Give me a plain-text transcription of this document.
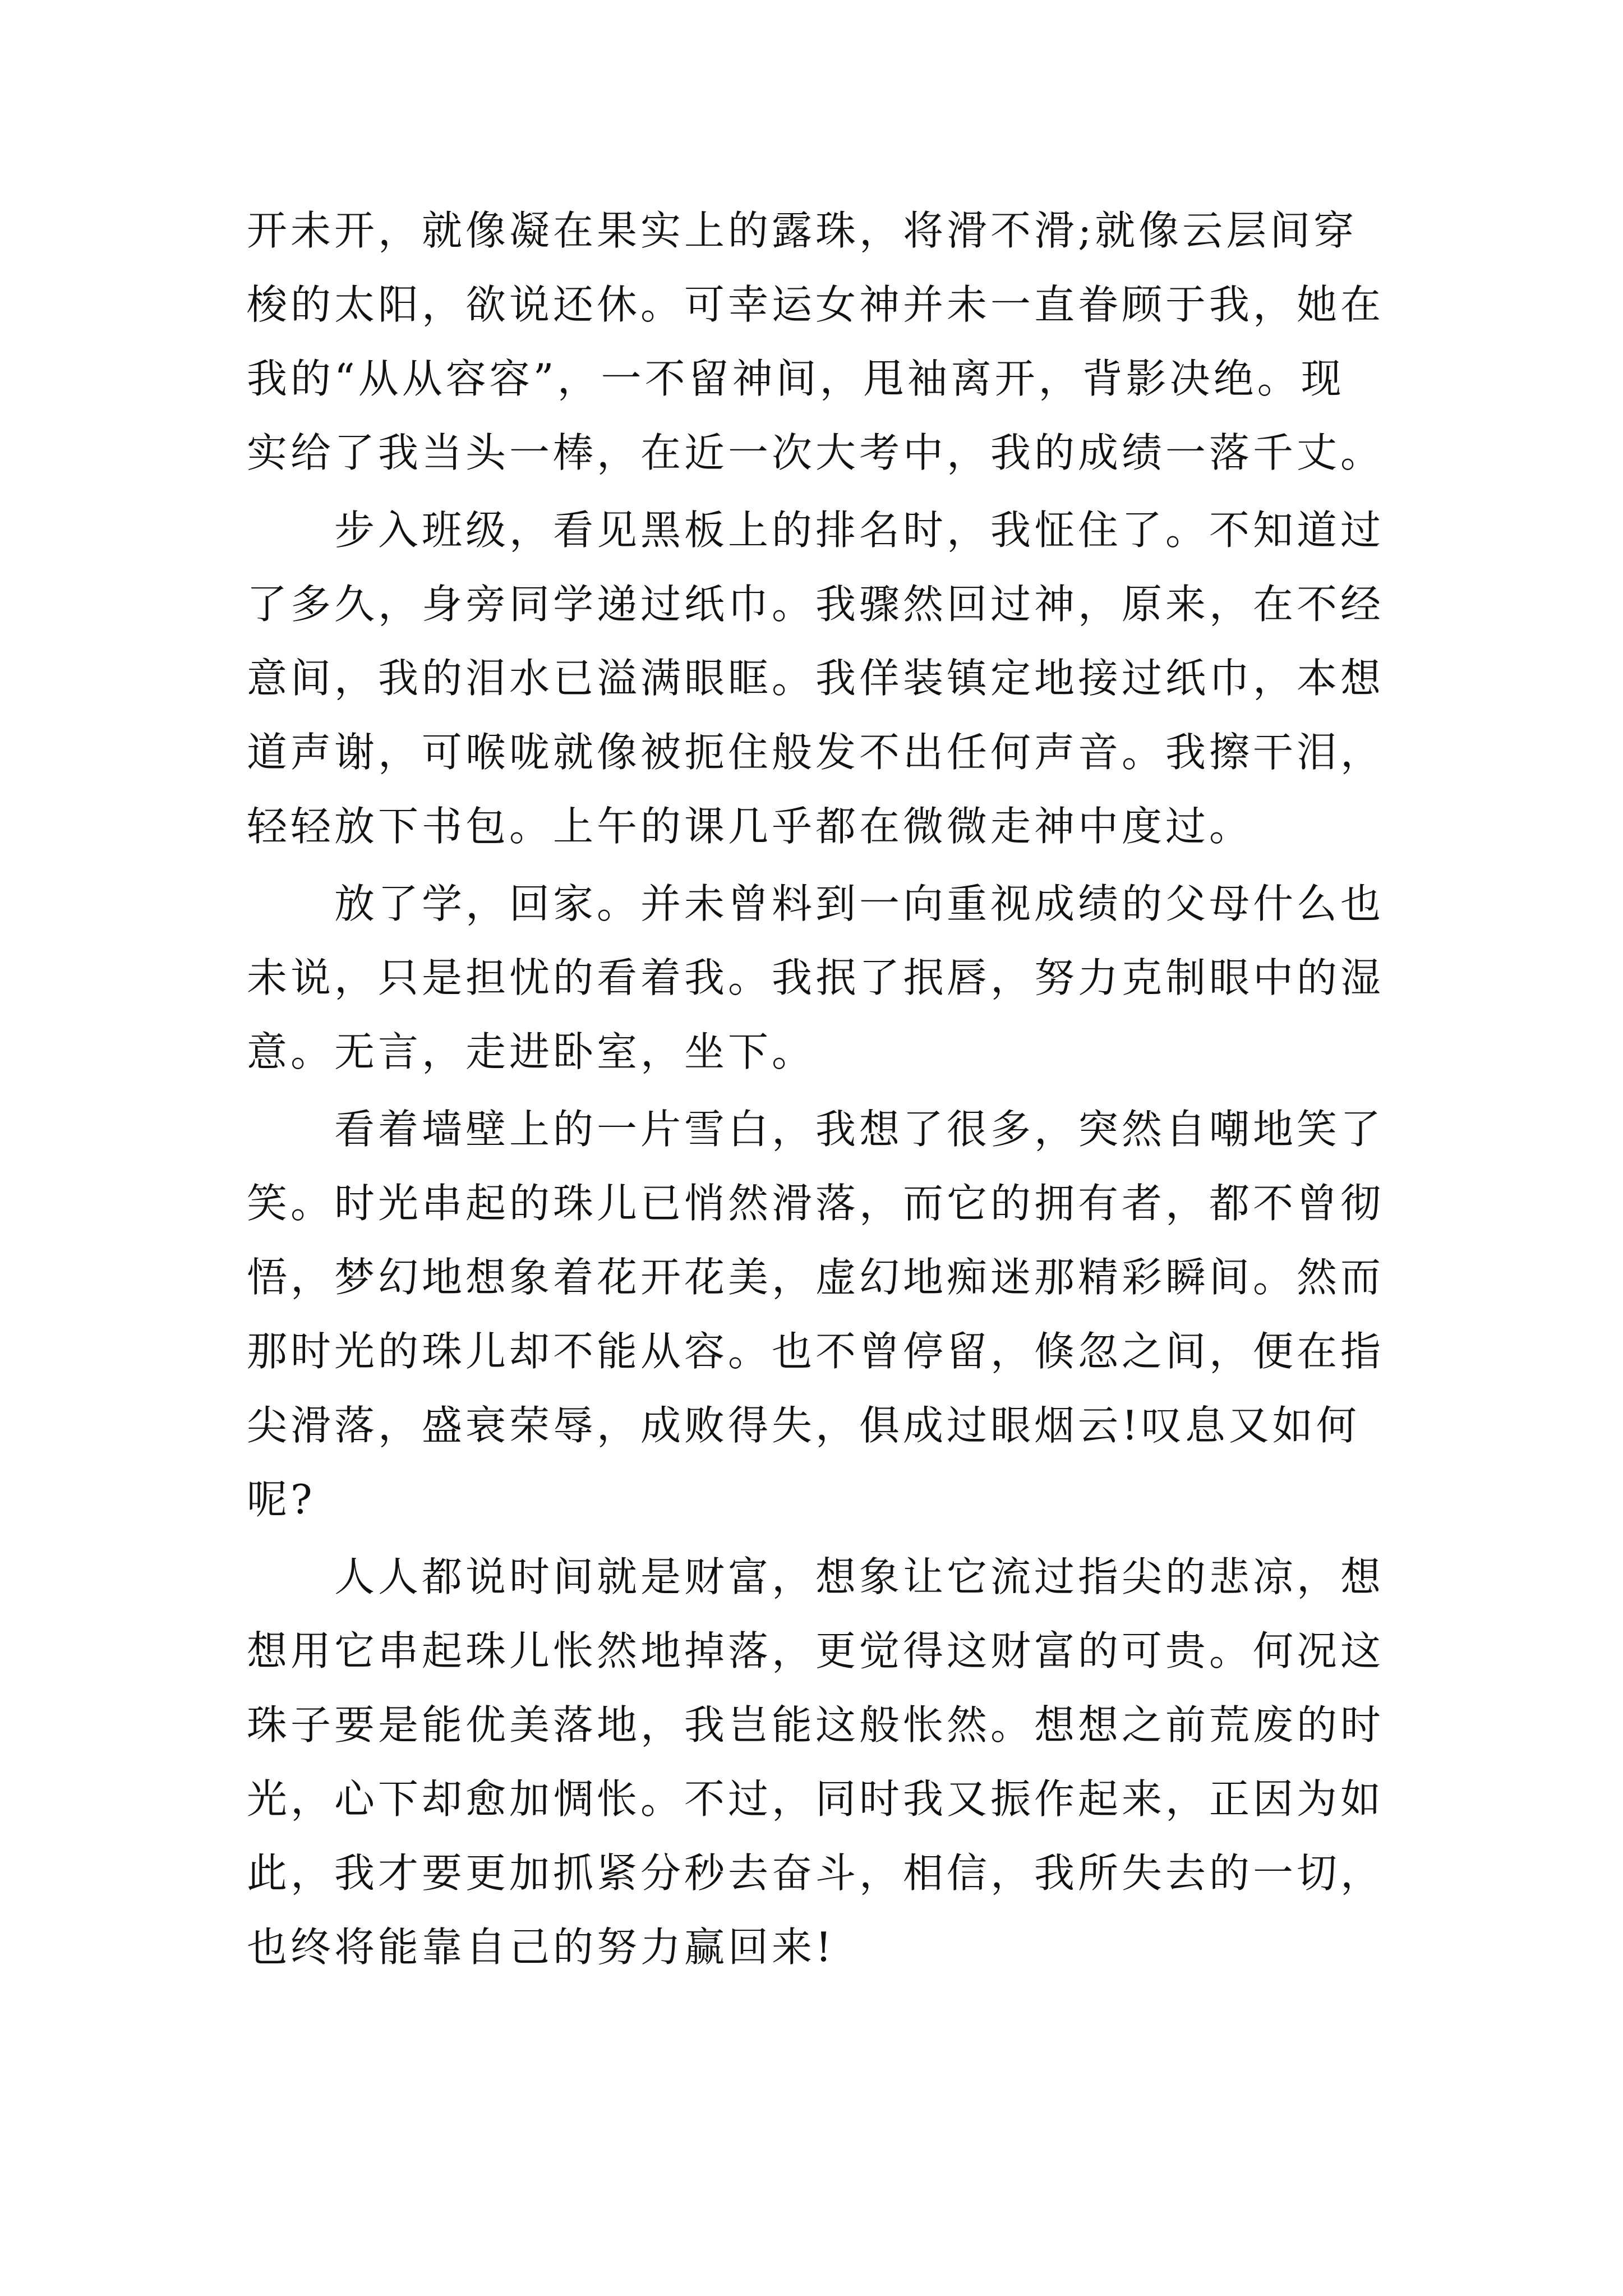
开未开，就像凝在果实上的露珠，将滑不滑;就像云层间穿
梭的太阳，欲说还休。可幸运女神并未一直眷顾于我，她在
我的“从从容容”，一不留神间，甩袖离开，背影决绝。现
实给了我当头一棒，在近一次大考中，我的成绩一落千丈。
　　步入班级，看见黑板上的排名时，我怔住了。不知道过
了多久，身旁同学递过纸巾。我骤然回过神，原来，在不经
意间，我的泪水已溢满眼眶。我佯装镇定地接过纸巾，本想
道声谢，可喉咙就像被扼住般发不出任何声音。我擦干泪，
轻轻放下书包。上午的课几乎都在微微走神中度过。
　　放了学，回家。并未曾料到一向重视成绩的父母什么也
未说，只是担忧的看着我。我抿了抿唇，努力克制眼中的湿
意。无言，走进卧室，坐下。
　　看着墙壁上的一片雪白，我想了很多，突然自嘲地笑了
笑。时光串起的珠儿已悄然滑落，而它的拥有者，都不曾彻
悟，梦幻地想象着花开花美，虚幻地痴迷那精彩瞬间。然而
那时光的珠儿却不能从容。也不曾停留，倏忽之间，便在指
尖滑落，盛衰荣辱，成败得失，俱成过眼烟云!叹息又如何
呢?
　　人人都说时间就是财富，想象让它流过指尖的悲凉，想
想用它串起珠儿怅然地掉落，更觉得这财富的可贵。何况这
珠子要是能优美落地，我岂能这般怅然。想想之前荒废的时
光，心下却愈加惆怅。不过，同时我又振作起来，正因为如
此，我才要更加抓紧分秒去奋斗，相信，我所失去的一切，
也终将能靠自己的努力赢回来!
